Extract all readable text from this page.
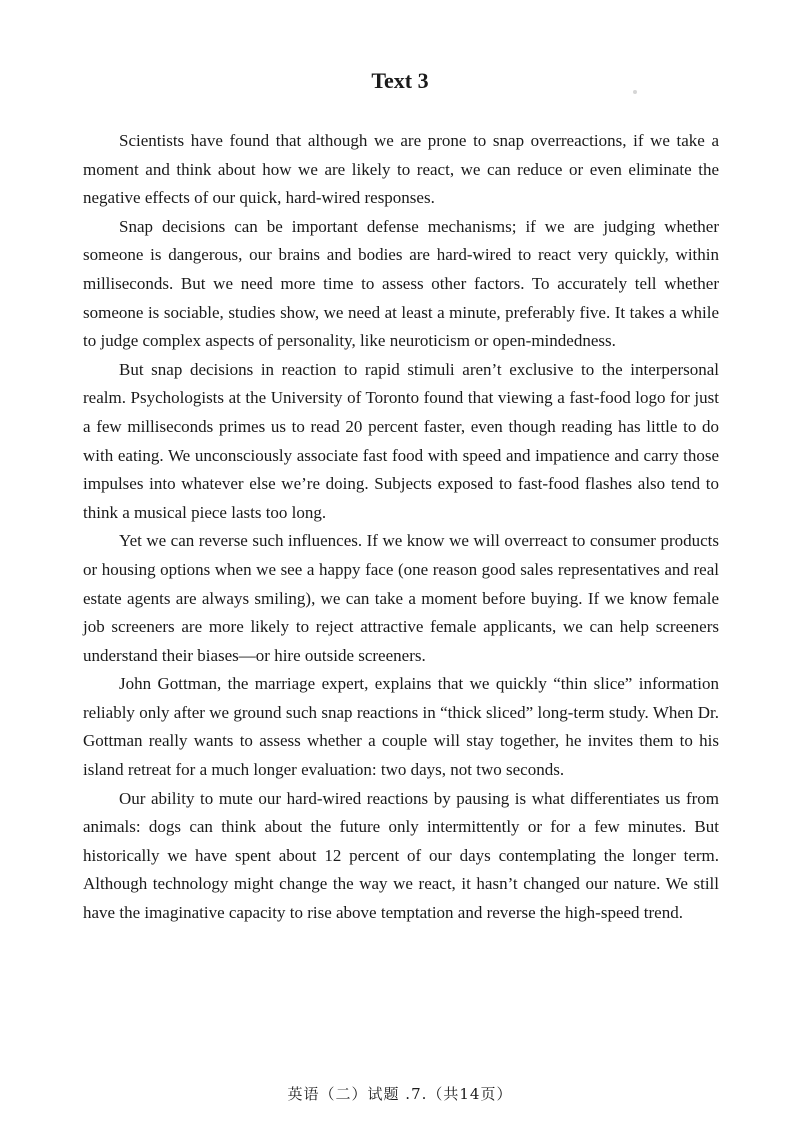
Text 3

Scientists have found that although we are prone to snap overreactions, if we take a moment and think about how we are likely to react, we can reduce or even eliminate the negative effects of our quick, hard-wired responses.

Snap decisions can be important defense mechanisms; if we are judging whether someone is dangerous, our brains and bodies are hard-wired to react very quickly, within milliseconds. But we need more time to assess other factors. To accurately tell whether someone is sociable, studies show, we need at least a minute, preferably five. It takes a while to judge complex aspects of personality, like neuroticism or open-mindedness.

But snap decisions in reaction to rapid stimuli aren’t exclusive to the interpersonal realm. Psychologists at the University of Toronto found that viewing a fast-food logo for just a few milliseconds primes us to read 20 percent faster, even though reading has little to do with eating. We unconsciously associate fast food with speed and impatience and carry those impulses into whatever else we’re doing. Subjects exposed to fast-food flashes also tend to think a musical piece lasts too long.

Yet we can reverse such influences. If we know we will overreact to consumer products or housing options when we see a happy face (one reason good sales representatives and real estate agents are always smiling), we can take a moment before buying. If we know female job screeners are more likely to reject attractive female applicants, we can help screeners understand their biases—or hire outside screeners.

John Gottman, the marriage expert, explains that we quickly “thin slice” information reliably only after we ground such snap reactions in “thick sliced” long-term study. When Dr. Gottman really wants to assess whether a couple will stay together, he invites them to his island retreat for a much longer evaluation: two days, not two seconds.

Our ability to mute our hard-wired reactions by pausing is what differentiates us from animals: dogs can think about the future only intermittently or for a few minutes. But historically we have spent about 12 percent of our days contemplating the longer term. Although technology might change the way we react, it hasn’t changed our nature. We still have the imaginative capacity to rise above temptation and reverse the high-speed trend.

英语（二）试题 .7.（共14页）
